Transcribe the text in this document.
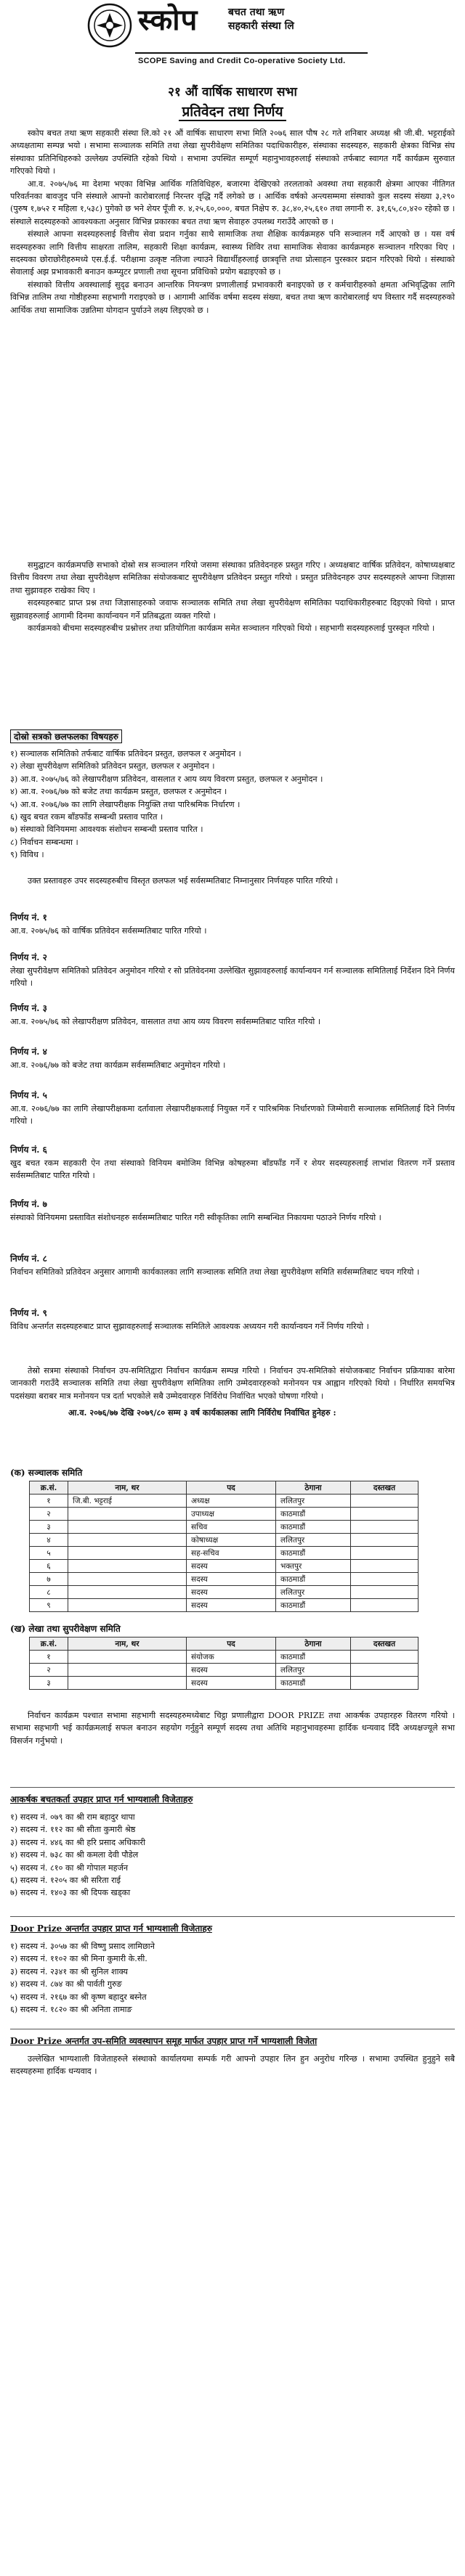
स्कोप	बचत तथा ऋण
सहकारी संस्था लि
SCOPE Saving and Credit Co-operative Society Ltd.
२१ औं वार्षिक साधारण सभा
प्रतिवेदन तथा निर्णय

स्कोप बचत तथा ऋण सहकारी संस्था लि.को २१ औं वार्षिक साधारण सभा मिति २०७६ साल पौष २८ गते शनिबार अध्यक्ष श्री जी.बी. भट्टराईको अध्यक्षतामा सम्पन्न भयो । सभामा सञ्चालक समिति तथा लेखा सुपरीवेक्षण समितिका पदाधिकारीहरु, संस्थाका सदस्यहरु, सहकारी क्षेत्रका विभिन्न संघ संस्थाका प्रतिनिधिहरुको उल्लेख्य उपस्थिति रहेको थियो । सभामा उपस्थित सम्पूर्ण महानुभावहरुलाई संस्थाको तर्फबाट स्वागत गर्दै कार्यक्रम सुरुवात गरिएको थियो ।

आ.व. २०७५/७६ मा देशमा भएका विभिन्न आर्थिक गतिविधिहरु, बजारमा देखिएको तरलताको अवस्था तथा सहकारी क्षेत्रमा आएका नीतिगत परिवर्तनका बावजुद पनि संस्थाले आफ्नो कारोबारलाई निरन्तर वृद्धि गर्दै लगेको छ । आर्थिक वर्षको अन्त्यसम्ममा संस्थाको कुल सदस्य संख्या ३,२९० (पुरुष १,७५२ र महिला १,५३८) पुगेको छ भने शेयर पूँजी रु. ४,२५,६०,०००, बचत निक्षेप रु. ३८,४०,२५,६१० तथा लगानी रु. ३१,६५,८०,४२० रहेको छ । संस्थाले सदस्यहरुको आवश्यकता अनुसार विभिन्न प्रकारका बचत तथा ऋण सेवाहरु उपलब्ध गराउँदै आएको छ ।

संस्थाले आफ्ना सदस्यहरुलाई वित्तीय सेवा प्रदान गर्नुका साथै सामाजिक तथा शैक्षिक कार्यक्रमहरु पनि सञ्चालन गर्दै आएको छ । यस वर्ष सदस्यहरुका लागि वित्तीय साक्षरता तालिम, सहकारी शिक्षा कार्यक्रम, स्वास्थ्य शिविर तथा सामाजिक सेवाका कार्यक्रमहरु सञ्चालन गरिएका थिए । सदस्यका छोराछोरीहरुमध्ये एस.ई.ई. परीक्षामा उत्कृष्ट नतिजा ल्याउने विद्यार्थीहरुलाई छात्रवृत्ति तथा प्रोत्साहन पुरस्कार प्रदान गरिएको थियो । संस्थाको सेवालाई अझ प्रभावकारी बनाउन कम्प्युटर प्रणाली तथा सूचना प्रविधिको प्रयोग बढाइएको छ ।

संस्थाको वित्तीय अवस्थालाई सुदृढ बनाउन आन्तरिक नियन्त्रण प्रणालीलाई प्रभावकारी बनाइएको छ र कर्मचारीहरुको क्षमता अभिवृद्धिका लागि विभिन्न तालिम तथा गोष्ठीहरुमा सहभागी गराइएको छ । आगामी आर्थिक वर्षमा सदस्य संख्या, बचत तथा ऋण कारोबारलाई थप विस्तार गर्दै सदस्यहरुको आर्थिक तथा सामाजिक उन्नतिमा योगदान पुर्याउने लक्ष्य लिइएको छ ।

समुद्घाटन कार्यक्रमपछि सभाको दोस्रो सत्र सञ्चालन गरियो जसमा संस्थाका प्रतिवेदनहरु प्रस्तुत गरिए । अध्यक्षबाट वार्षिक प्रतिवेदन, कोषाध्यक्षबाट वित्तीय विवरण तथा लेखा सुपरीवेक्षण समितिका संयोजकबाट सुपरीवेक्षण प्रतिवेदन प्रस्तुत गरियो । प्रस्तुत प्रतिवेदनहरु उपर सदस्यहरुले आफ्ना जिज्ञासा तथा सुझावहरु राखेका थिए ।

सदस्यहरुबाट प्राप्त प्रश्न तथा जिज्ञासाहरुको जवाफ सञ्चालक समिति तथा लेखा सुपरीवेक्षण समितिका पदाधिकारीहरुबाट दिइएको थियो । प्राप्त सुझावहरुलाई आगामी दिनमा कार्यान्वयन गर्ने प्रतिबद्धता व्यक्त गरियो ।

कार्यक्रमको बीचमा सदस्यहरुबीच प्रश्नोत्तर तथा प्रतियोगिता कार्यक्रम समेत सञ्चालन गरिएको थियो । सहभागी सदस्यहरुलाई पुरस्कृत गरियो ।

दोस्रो सत्रको छलफलका विषयहरु
१) सञ्चालक समितिको तर्फबाट वार्षिक प्रतिवेदन प्रस्तुत, छलफल र अनुमोदन ।
२) लेखा सुपरीवेक्षण समितिको प्रतिवेदन प्रस्तुत, छलफल र अनुमोदन ।
३) आ.व. २०७५/७६ को लेखापरीक्षण प्रतिवेदन, वासलात र आय व्यय विवरण प्रस्तुत, छलफल र अनुमोदन ।
४) आ.व. २०७६/७७ को बजेट तथा कार्यक्रम प्रस्तुत, छलफल र अनुमोदन ।
५) आ.व. २०७६/७७ का लागि लेखापरीक्षक नियुक्ति तथा पारिश्रमिक निर्धारण ।
६) खुद बचत रकम बाँडफाँड सम्बन्धी प्रस्ताव पारित ।
७) संस्थाको विनियममा आवश्यक संशोधन सम्बन्धी प्रस्ताव पारित ।
८) निर्वाचन सम्बन्धमा ।
९) विविध ।

उक्त प्रस्तावहरु उपर सदस्यहरुबीच विस्तृत छलफल भई सर्वसम्मतिबाट निम्नानुसार निर्णयहरु पारित गरियो ।

निर्णय नं. १
आ.व. २०७५/७६ को वार्षिक प्रतिवेदन सर्वसम्मतिबाट पारित गरियो ।
निर्णय नं. २
लेखा सुपरीवेक्षण समितिको प्रतिवेदन अनुमोदन गरियो र सो प्रतिवेदनमा उल्लेखित सुझावहरुलाई कार्यान्वयन गर्न सञ्चालक समितिलाई निर्देशन दिने निर्णय गरियो ।
निर्णय नं. ३
आ.व. २०७५/७६ को लेखापरीक्षण प्रतिवेदन, वासलात तथा आय व्यय विवरण सर्वसम्मतिबाट पारित गरियो ।
निर्णय नं. ४
आ.व. २०७६/७७ को बजेट तथा कार्यक्रम सर्वसम्मतिबाट अनुमोदन गरियो ।
निर्णय नं. ५
आ.व. २०७६/७७ का लागि लेखापरीक्षकमा दर्तावाला लेखापरीक्षकलाई नियुक्त गर्ने र पारिश्रमिक निर्धारणको जिम्मेवारी सञ्चालक समितिलाई दिने निर्णय गरियो ।
निर्णय नं. ६
खुद बचत रकम सहकारी ऐन तथा संस्थाको विनियम बमोजिम विभिन्न कोषहरुमा बाँडफाँड गर्ने र शेयर सदस्यहरुलाई लाभांश वितरण गर्ने प्रस्ताव सर्वसम्मतिबाट पारित गरियो ।
निर्णय नं. ७
संस्थाको विनियममा प्रस्तावित संशोधनहरु सर्वसम्मतिबाट पारित गरी स्वीकृतिका लागि सम्बन्धित निकायमा पठाउने निर्णय गरियो ।
निर्णय नं. ८
निर्वाचन समितिको प्रतिवेदन अनुसार आगामी कार्यकालका लागि सञ्चालक समिति तथा लेखा सुपरीवेक्षण समिति सर्वसम्मतिबाट चयन गरियो ।
निर्णय नं. ९
विविध अन्तर्गत सदस्यहरुबाट प्राप्त सुझावहरुलाई सञ्चालक समितिले आवश्यक अध्ययन गरी कार्यान्वयन गर्ने निर्णय गरियो ।

तेस्रो सत्रमा संस्थाको निर्वाचन उप-समितिद्वारा निर्वाचन कार्यक्रम सम्पन्न गरियो । निर्वाचन उप-समितिको संयोजकबाट निर्वाचन प्रक्रियाका बारेमा जानकारी गराउँदै सञ्चालक समिति तथा लेखा सुपरीवेक्षण समितिका लागि उम्मेदवारहरुको मनोनयन पत्र आह्वान गरिएको थियो । निर्धारित समयभित्र पदसंख्या बराबर मात्र मनोनयन पत्र दर्ता भएकोले सबै उम्मेदवारहरु निर्विरोध निर्वाचित भएको घोषणा गरियो ।

आ.व. २०७६/७७ देखि २०७९/८० सम्म ३ वर्ष कार्यकालका लागि निर्विरोध निर्वाचित हुनेहरु :

(क) सञ्चालक समिति
क्र.सं.	नाम, थर	पद	ठेगाना	दस्तखत
१	जि.बी. भट्टराई	अध्यक्ष	ललितपुर	
२		उपाध्यक्ष	काठमाडौं	
३		सचिव	काठमाडौं	
४		कोषाध्यक्ष	ललितपुर	
५		सह-सचिव	काठमाडौं	
६		सदस्य	भक्तपुर	
७		सदस्य	काठमाडौं	
८		सदस्य	ललितपुर	
९		सदस्य	काठमाडौं	
(ख) लेखा तथा सुपरीवेक्षण समिति
क्र.सं.	नाम, थर	पद	ठेगाना	दस्तखत
१		संयोजक	काठमाडौं	
२		सदस्य	ललितपुर	
३		सदस्य	काठमाडौं	

निर्वाचन कार्यक्रम पश्चात सभामा सहभागी सदस्यहरुमध्येबाट चिट्ठा प्रणालीद्वारा DOOR PRIZE तथा आकर्षक उपहारहरु वितरण गरियो । सभामा सहभागी भई कार्यक्रमलाई सफल बनाउन सहयोग गर्नुहुने सम्पूर्ण सदस्य तथा अतिथि महानुभावहरुमा हार्दिक धन्यवाद दिँदै अध्यक्षज्यूले सभा विसर्जन गर्नुभयो ।

आकर्षक बचतकर्ता उपहार प्राप्त गर्न भाग्यशाली विजेताहरु
१) सदस्य नं. ०७९ का श्री राम बहादुर थापा
२) सदस्य नं. ११२ का श्री सीता कुमारी श्रेष्ठ
३) सदस्य नं. ४४६ का श्री हरि प्रसाद अधिकारी
४) सदस्य नं. ७३८ का श्री कमला देवी पौडेल
५) सदस्य नं. ८१० का श्री गोपाल महर्जन
६) सदस्य नं. १२०५ का श्री सरिता राई
७) सदस्य नं. १४०३ का श्री दिपक खड्का
Door Prize अन्तर्गत उपहार प्राप्त गर्न भाग्यशाली विजेताहरु
१) सदस्य नं. ३०५७ का श्री विष्णु प्रसाद लामिछाने
२) सदस्य नं. ११०२ का श्री मिना कुमारी के.सी.
३) सदस्य नं. २३४१ का श्री सुनिल शाक्य
४) सदस्य नं. ८७४ का श्री पार्वती गुरुङ
५) सदस्य नं. २१६७ का श्री कृष्ण बहादुर बस्नेत
६) सदस्य नं. १८२० का श्री अनिता तामाङ
Door Prize अन्तर्गत उप-समिति व्यवस्थापन समूह मार्फत उपहार प्राप्त गर्ने भाग्यशाली विजेता

उल्लेखित भाग्यशाली विजेताहरुले संस्थाको कार्यालयमा सम्पर्क गरी आफ्नो उपहार लिन हुन अनुरोध गरिन्छ । सभामा उपस्थित हुनुहुने सबै सदस्यहरुमा हार्दिक धन्यवाद ।
